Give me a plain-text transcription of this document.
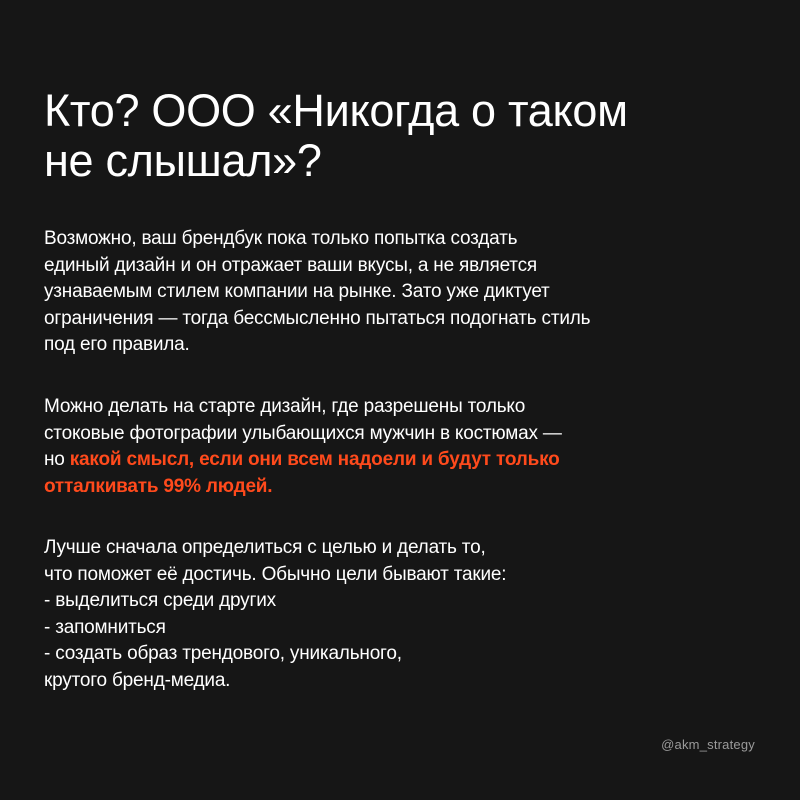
Кто? ООО «Никогда о таком
не слышал»?

Возможно, ваш брендбук пока только попытка создать
единый дизайн и он отражает ваши вкусы, а не является
узнаваемым стилем компании на рынке. Зато уже диктует
ограничения — тогда бессмысленно пытаться подогнать стиль
под его правила.

Можно делать на старте дизайн, где разрешены только
стоковые фотографии улыбающихся мужчин в костюмах —
но какой смысл, если они всем надоели и будут только
отталкивать 99% людей.

Лучше сначала определиться с целью и делать то,
что поможет её достичь. Обычно цели бывают такие:
- выделиться среди других
- запомниться
- создать образ трендового, уникального,
крутого бренд-медиа.

@akm_strategy
